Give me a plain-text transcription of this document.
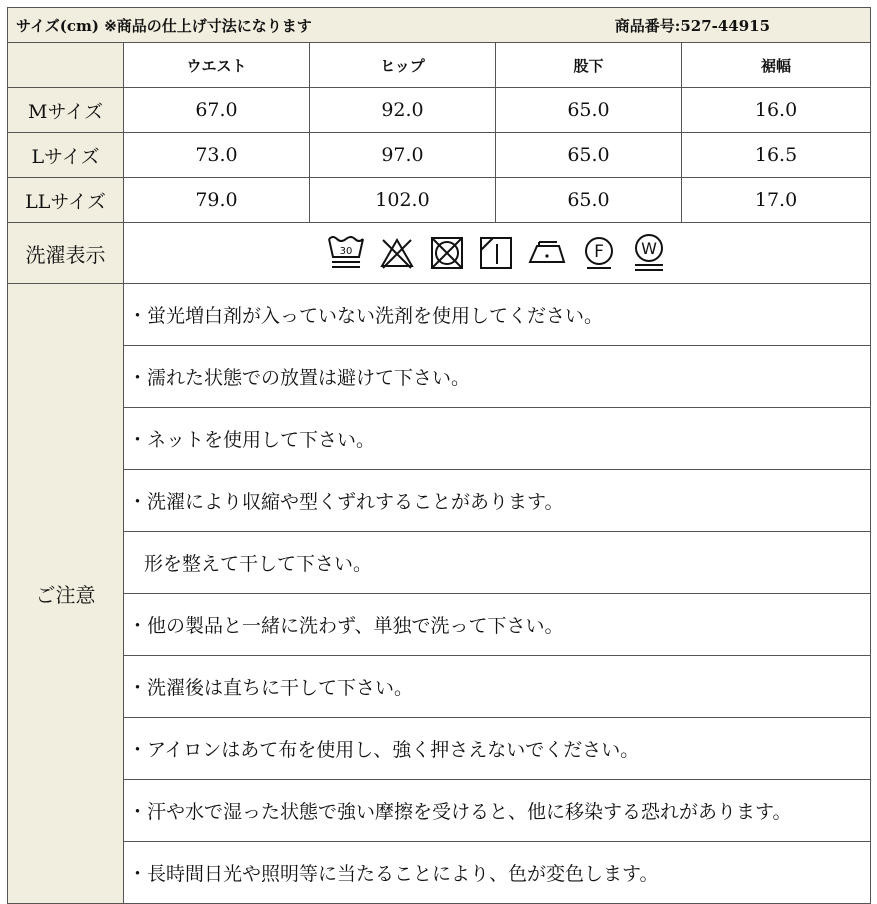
サイズ(cm) ※商品の仕上げ寸法になります 商品番号:527-44915				

	ウエスト	ヒップ	股下	裾幅
Mサイズ	67.0	92.0	65.0	16.0
Lサイズ	73.0	97.0	65.0	16.5
LLサイズ	79.0	102.0	65.0	17.0
洗濯表示	30 F W			

ご注意	・蛍光増白剤が入っていない洗剤を使用してください。			
	・濡れた状態での放置は避けて下さい。			
	・ネットを使用して下さい。			
	・洗濯により収縮や型くずれすることがあります。			
	形を整えて干して下さい。			
	・他の製品と一緒に洗わず、単独で洗って下さい。			
	・洗濯後は直ちに干して下さい。			
	・アイロンはあて布を使用し、強く押さえないでください。			
	・汗や水で湿った状態で強い摩擦を受けると、他に移染する恐れがあります。			
	・長時間日光や照明等に当たることにより、色が変色します。			
